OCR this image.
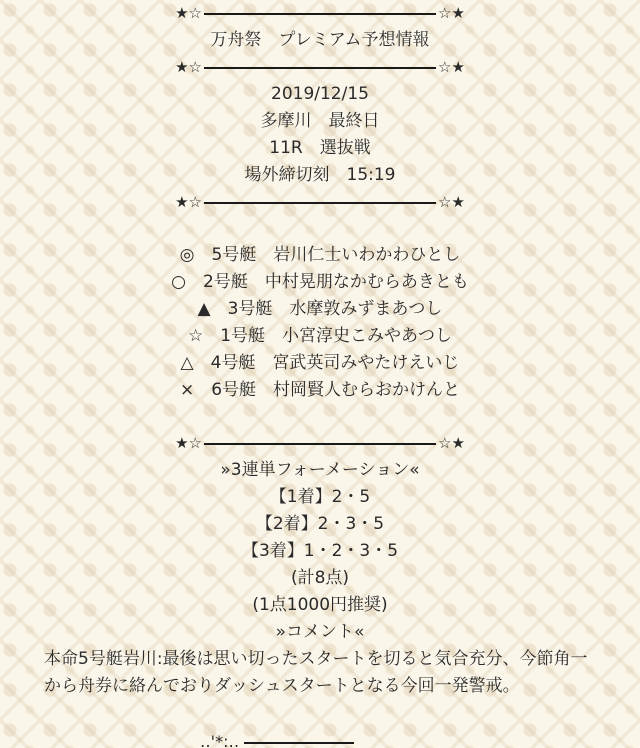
★☆	☆★
万舟祭　プレミアム予想情報
★☆	☆★
2019/12/15
多摩川　最終日
11R　選抜戦
場外締切刻　15:19
★☆	☆★
◎　5号艇　岩川仁士いわかわひとし
○　2号艇　中村晃朋なかむらあきとも
▲　3号艇　水摩敦みずまあつし
☆　1号艇　小宮淳史こみやあつし
△　4号艇　宮武英司みやたけえいじ
×　6号艇　村岡賢人むらおかけんと
★☆	☆★
»3連単フォーメーション«
【1着】2・5
【2着】2・3・5
【3着】1・2・3・5
(計8点)
(1点1000円推奨)
»コメント«
本命5号艇岩川:最後は思い切ったスタートを切ると気合充分、今節角一から舟券に絡んでおりダッシュスタートとなる今回一発警戒。
‥'*:‥
